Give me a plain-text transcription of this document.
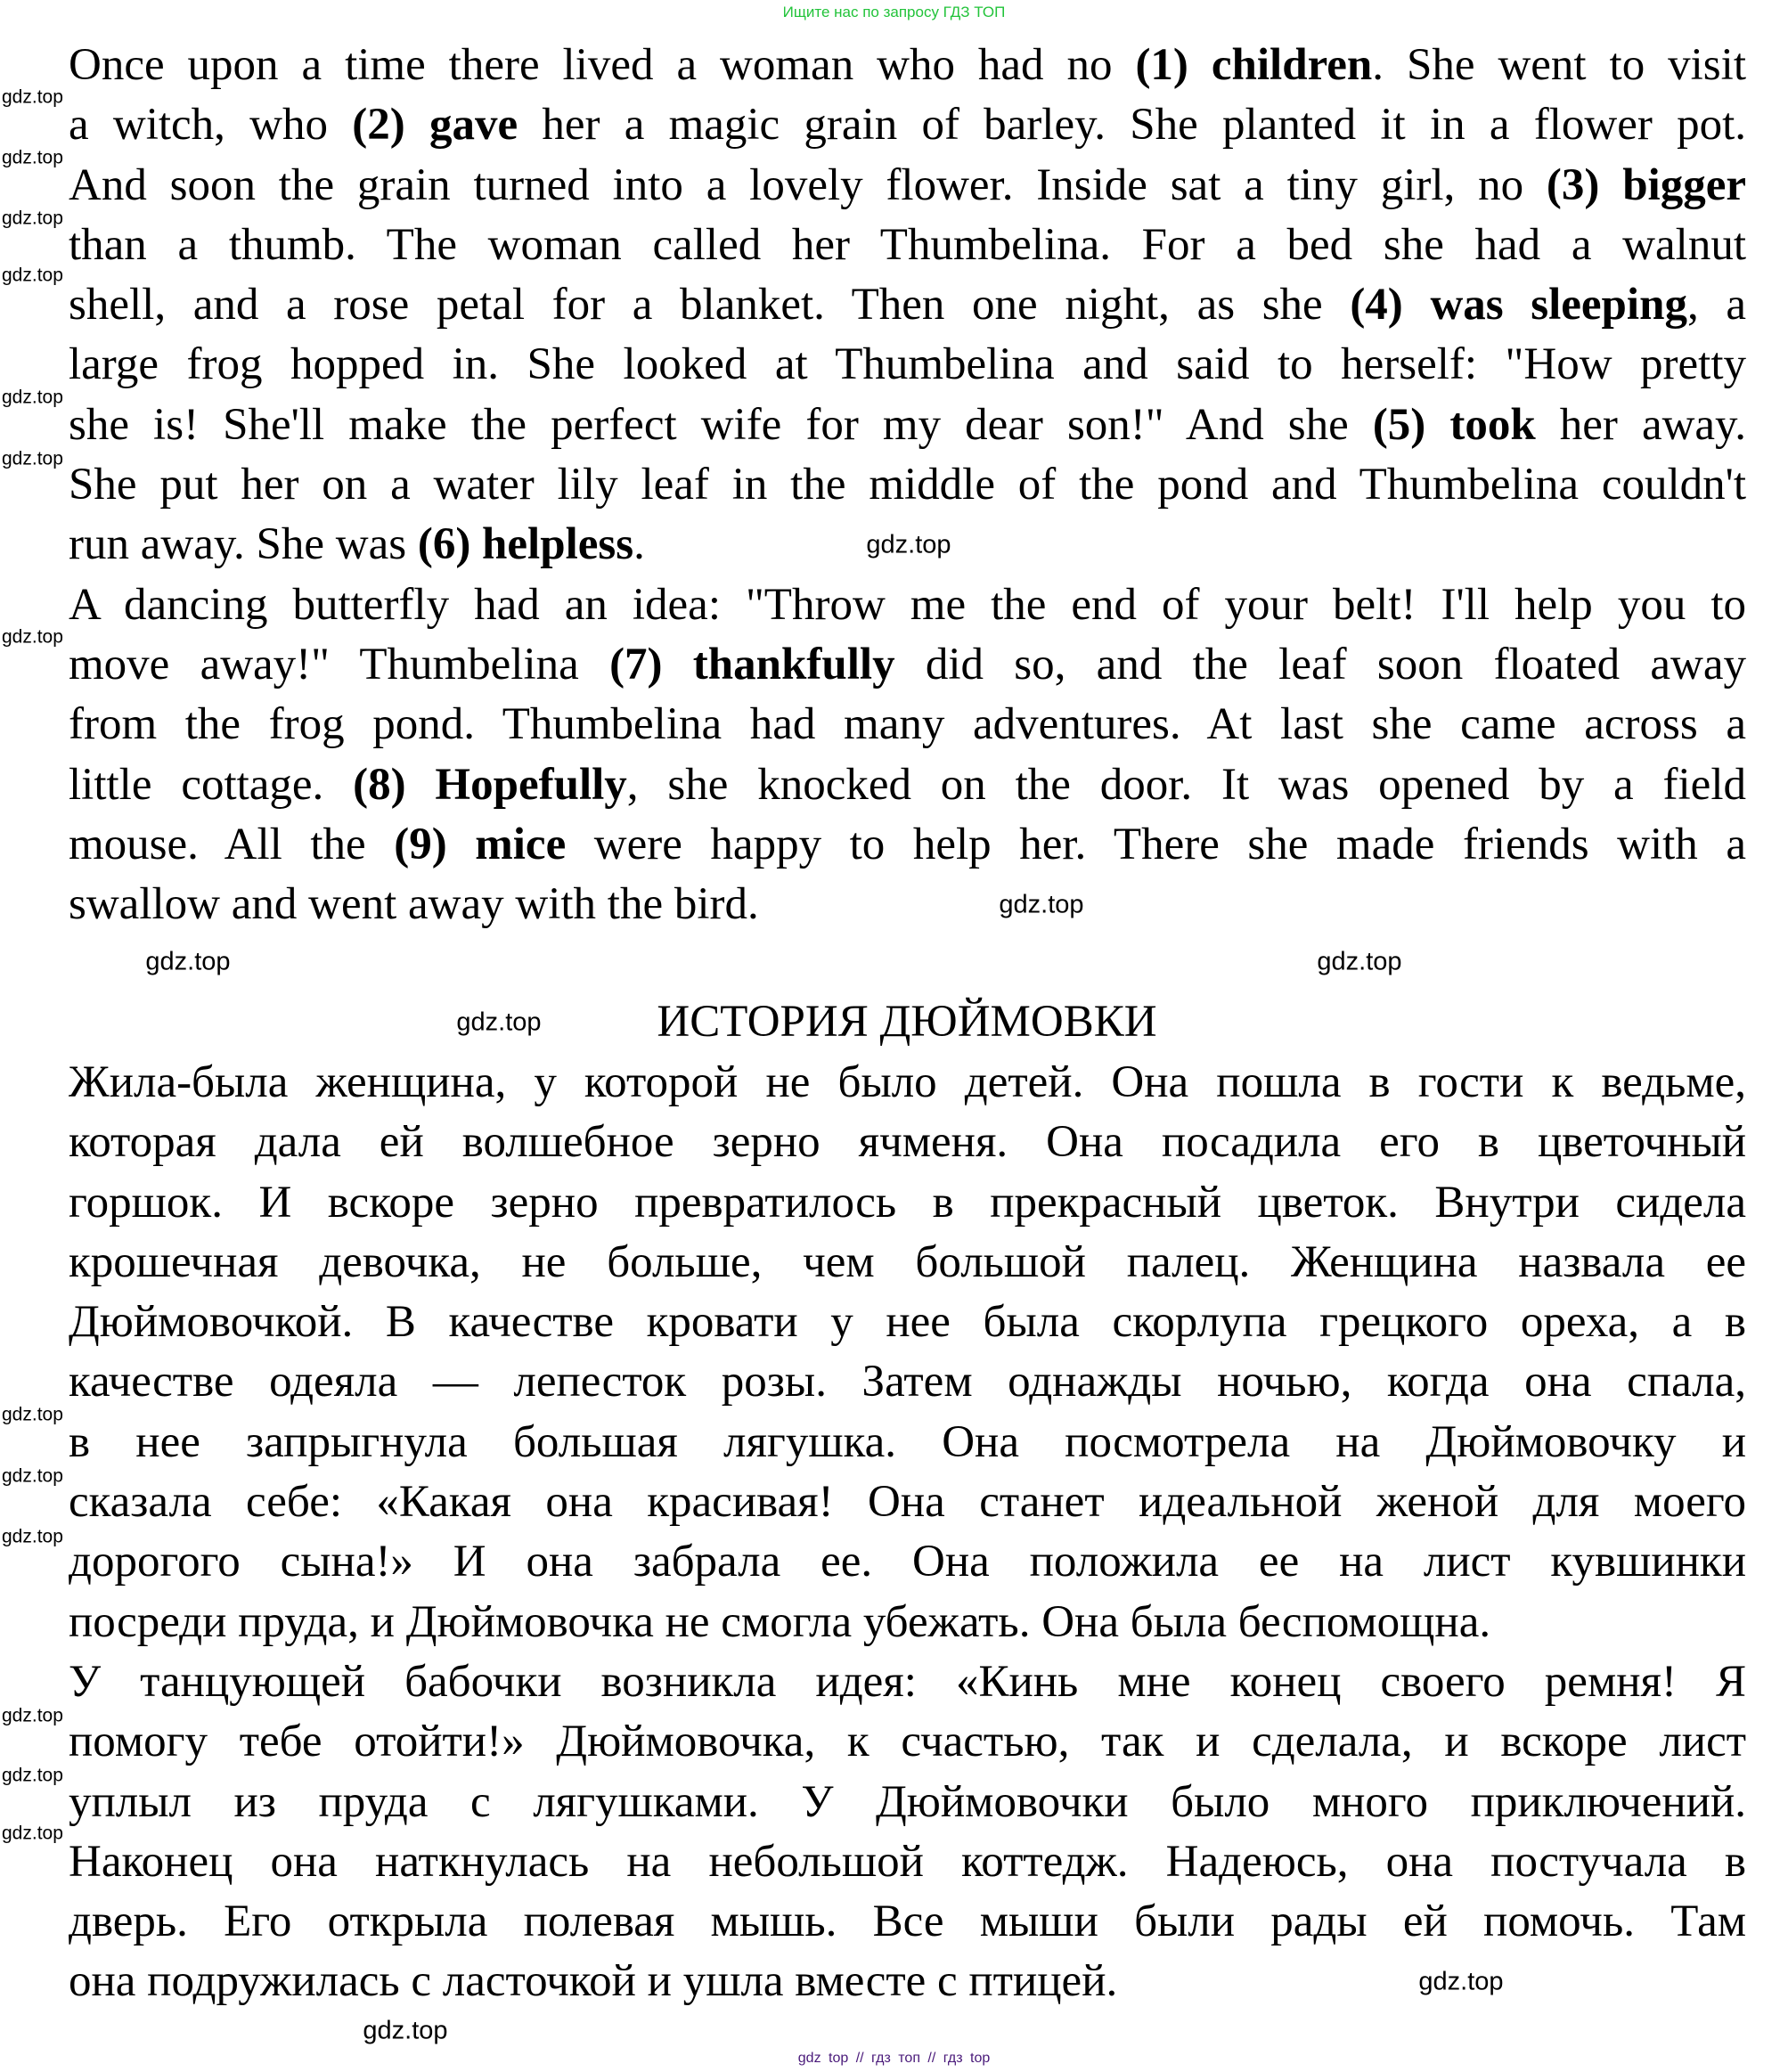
Ищите нас по запросу ГДЗ ТОП
Once upon a time there lived a woman who had no (1) children. She went to visit
a witch, who (2) gave her a magic grain of barley. She planted it in a flower pot.
And soon the grain turned into a lovely flower. Inside sat a tiny girl, no (3) bigger
than a thumb. The woman called her Thumbelina. For a bed she had a walnut
shell, and a rose petal for a blanket. Then one night, as she (4) was sleeping, a
large frog hopped in. She looked at Thumbelina and said to herself: "How pretty
she is! She'll make the perfect wife for my dear son!" And she (5) took her away.
She put her on a water lily leaf in the middle of the pond and Thumbelina couldn't
run away. She was (6) helpless.
A dancing butterfly had an idea: "Throw me the end of your belt! I'll help you to
move away!" Thumbelina (7) thankfully did so, and the leaf soon floated away
from the frog pond. Thumbelina had many adventures. At last she came across a
little cottage. (8) Hopefully, she knocked on the door. It was opened by a field
mouse. All the (9) mice were happy to help her. There she made friends with a
swallow and went away with the bird.
ИСТОРИЯ ДЮЙМОВКИ
Жила-была женщина, у которой не было детей. Она пошла в гости к ведьме,
которая дала ей волшебное зерно ячменя. Она посадила его в цветочный
горшок. И вскоре зерно превратилось в прекрасный цветок. Внутри сидела
крошечная девочка, не больше, чем большой палец. Женщина назвала ее
Дюймовочкой. В качестве кровати у нее была скорлупа грецкого ореха, а в
качестве одеяла — лепесток розы. Затем однажды ночью, когда она спала,
в нее запрыгнула большая лягушка. Она посмотрела на Дюймовочку и
сказала себе: «Какая она красивая! Она станет идеальной женой для моего
дорогого сына!» И она забрала ее. Она положила ее на лист кувшинки
посреди пруда, и Дюймовочка не смогла убежать. Она была беспомощна.
У танцующей бабочки возникла идея: «Кинь мне конец своего ремня! Я
помогу тебе отойти!» Дюймовочка, к счастью, так и сделала, и вскоре лист
уплыл из пруда с лягушками. У Дюймовочки было много приключений.
Наконец она наткнулась на небольшой коттедж. Надеюсь, она постучала в
дверь. Его открыла полевая мышь. Все мыши были рады ей помочь. Там
она подружилась с ласточкой и ушла вместе с птицей.
gdz.top
gdz.top
gdz.top
gdz.top
gdz.top
gdz.top
gdz.top
gdz.top
gdz.top
gdz.top
gdz.top
gdz.top
gdz.top
gdz.top
gdz.top
gdz.top
gdz.top
gdz.top
gdz.top
gdz.top
gdz top // гдз топ // гдз top
